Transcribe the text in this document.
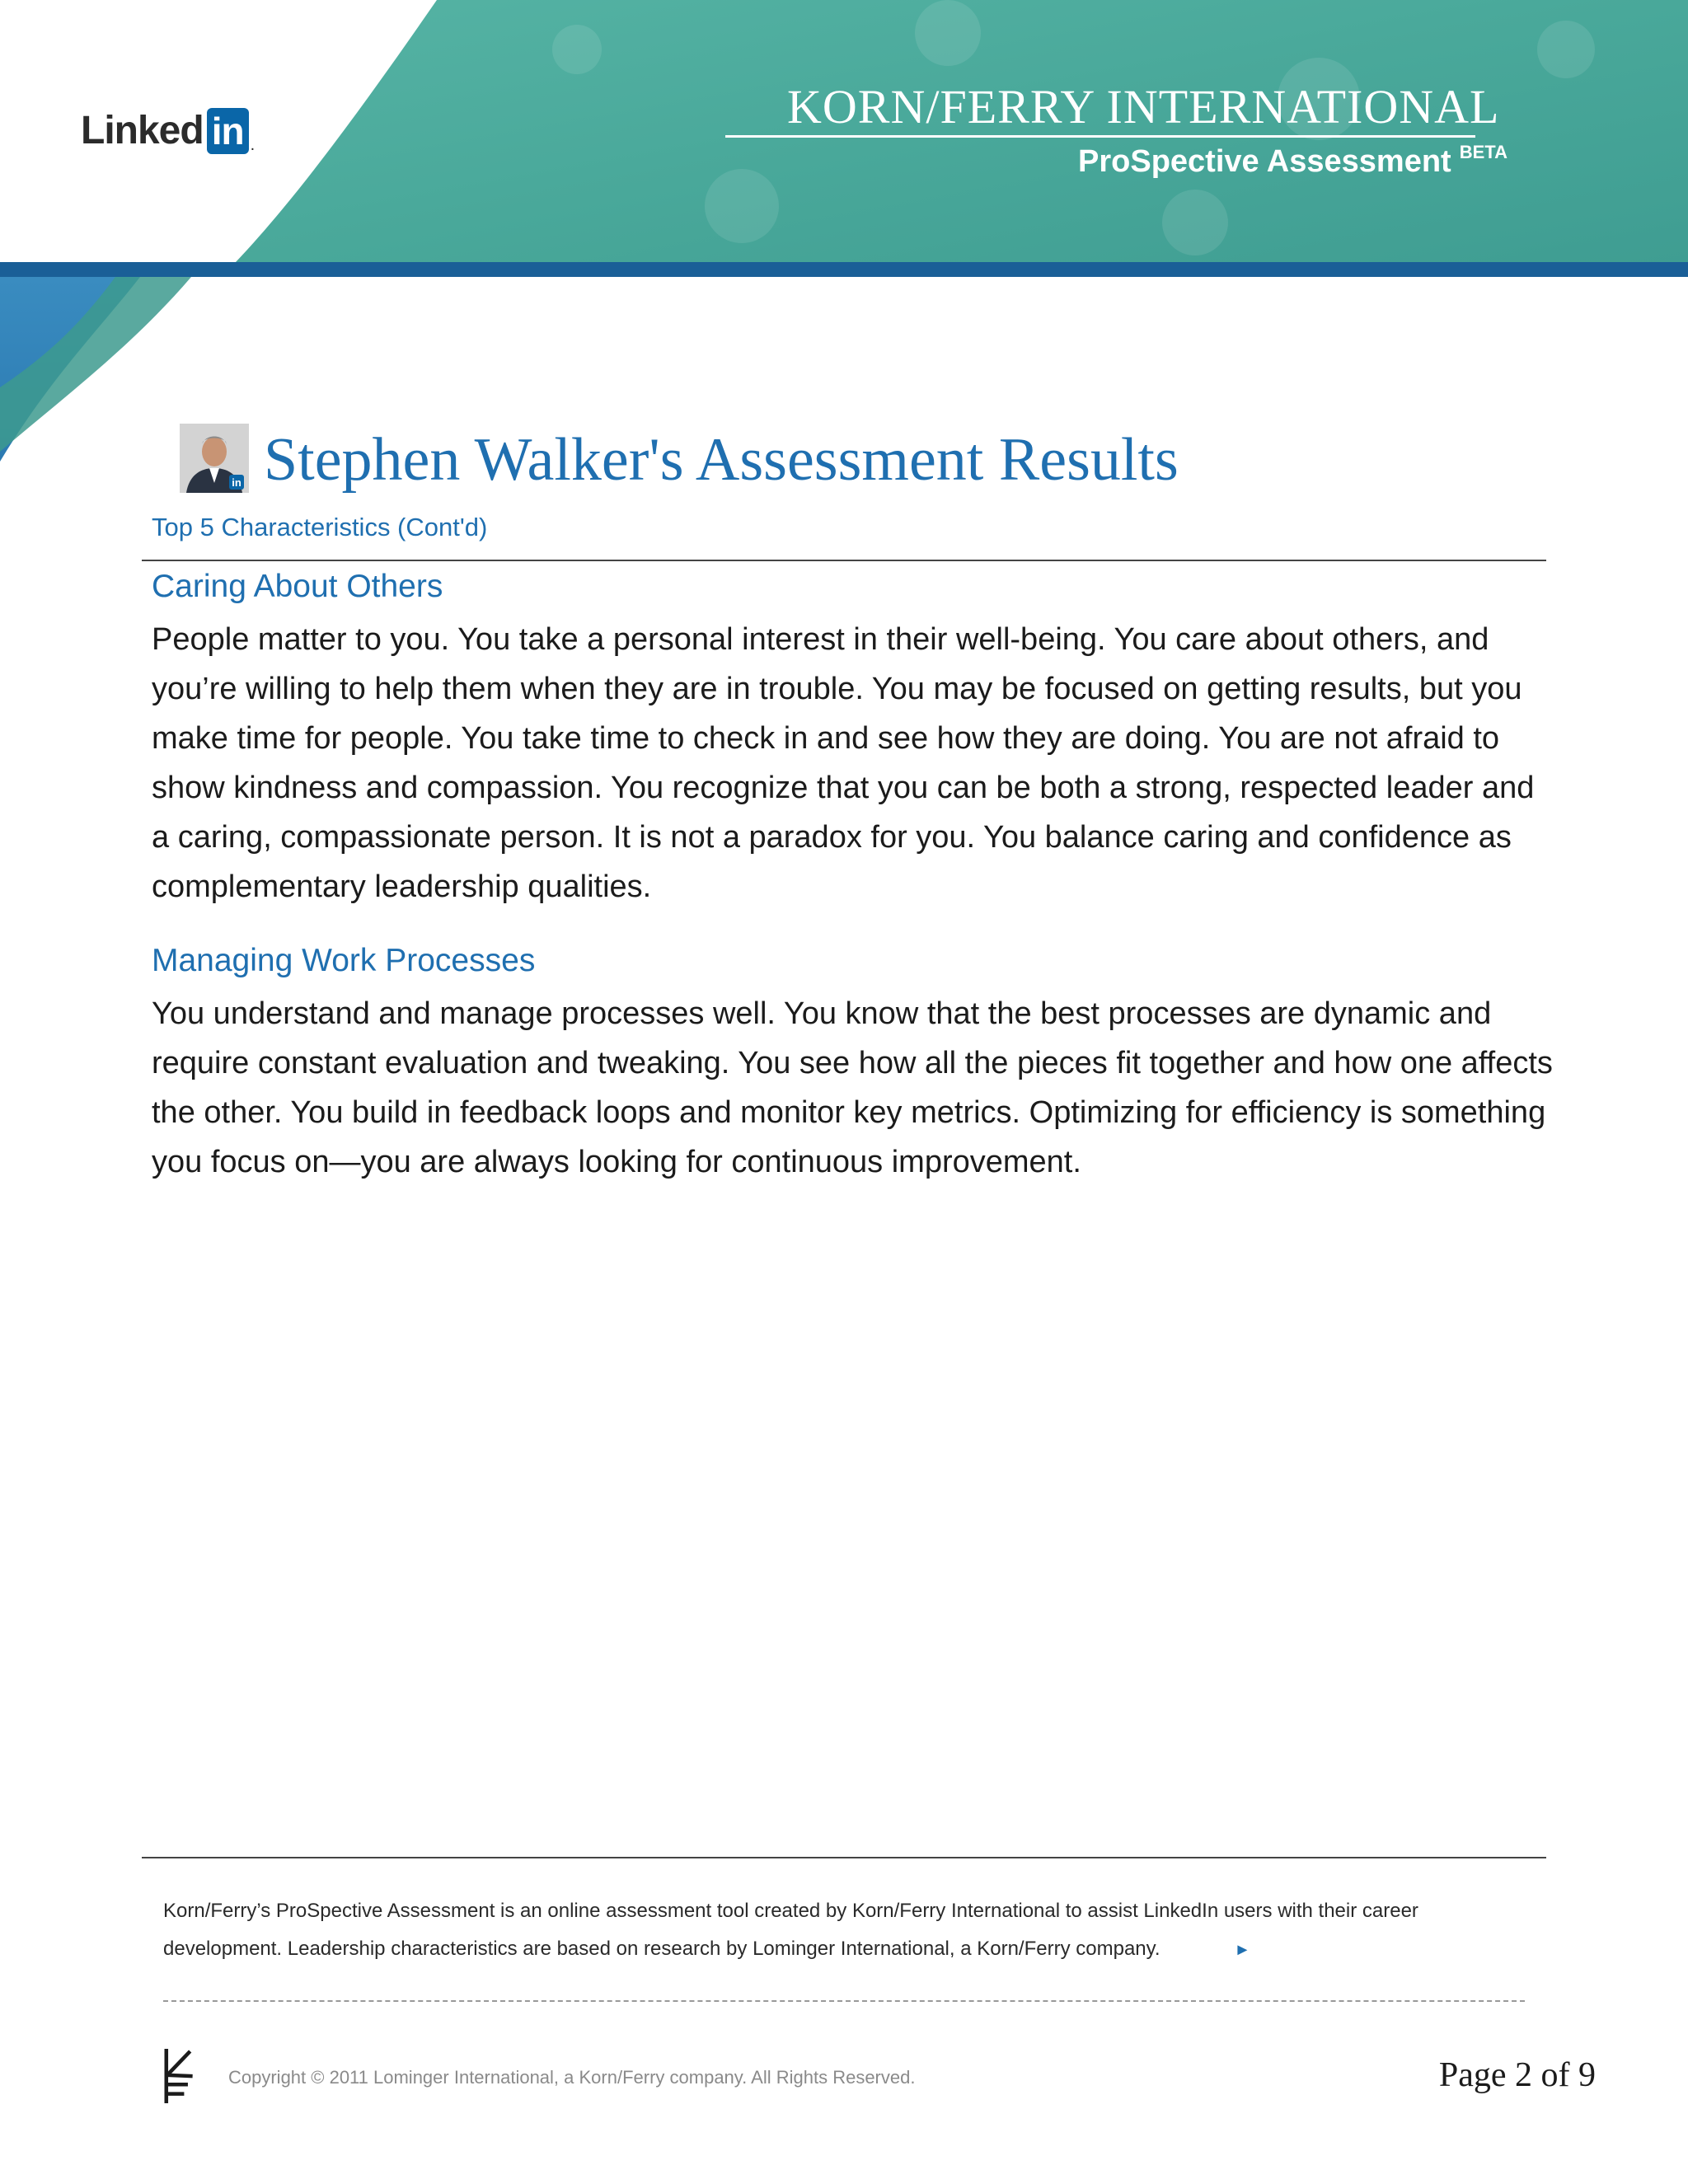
Linked in .
KORN/FERRY INTERNATIONAL
ProSpective Assessment $^{BETA}$
in Stephen Walker's Assessment Results
Top 5 Characteristics (Cont'd)
Caring About Others

People matter to you. You take a personal interest in their well-being. You care about others, and you’re willing to help them when they are in trouble. You may be focused on getting results, but you make time for people. You take time to check in and see how they are doing. You are not afraid to show kindness and compassion. You recognize that you can be both a strong, respected leader and a caring, compassionate person. It is not a paradox for you. You balance caring and confidence as complementary leadership qualities.

Managing Work Processes

You understand and manage processes well. You know that the best processes are dynamic and require constant evaluation and tweaking. You see how all the pieces fit together and how one affects the other. You build in feedback loops and monitor key metrics. Optimizing for efficiency is something you focus on—you are always looking for continuous improvement.

Korn/Ferry’s ProSpective Assessment is an online assessment tool created by Korn/Ferry International to assist LinkedIn users with their career development. Leadership characteristics are based on research by Lominger International, a Korn/Ferry company.	►

Copyright © 2011 Lominger International, a Korn/Ferry company. All Rights Reserved.	Page 2 of 9
